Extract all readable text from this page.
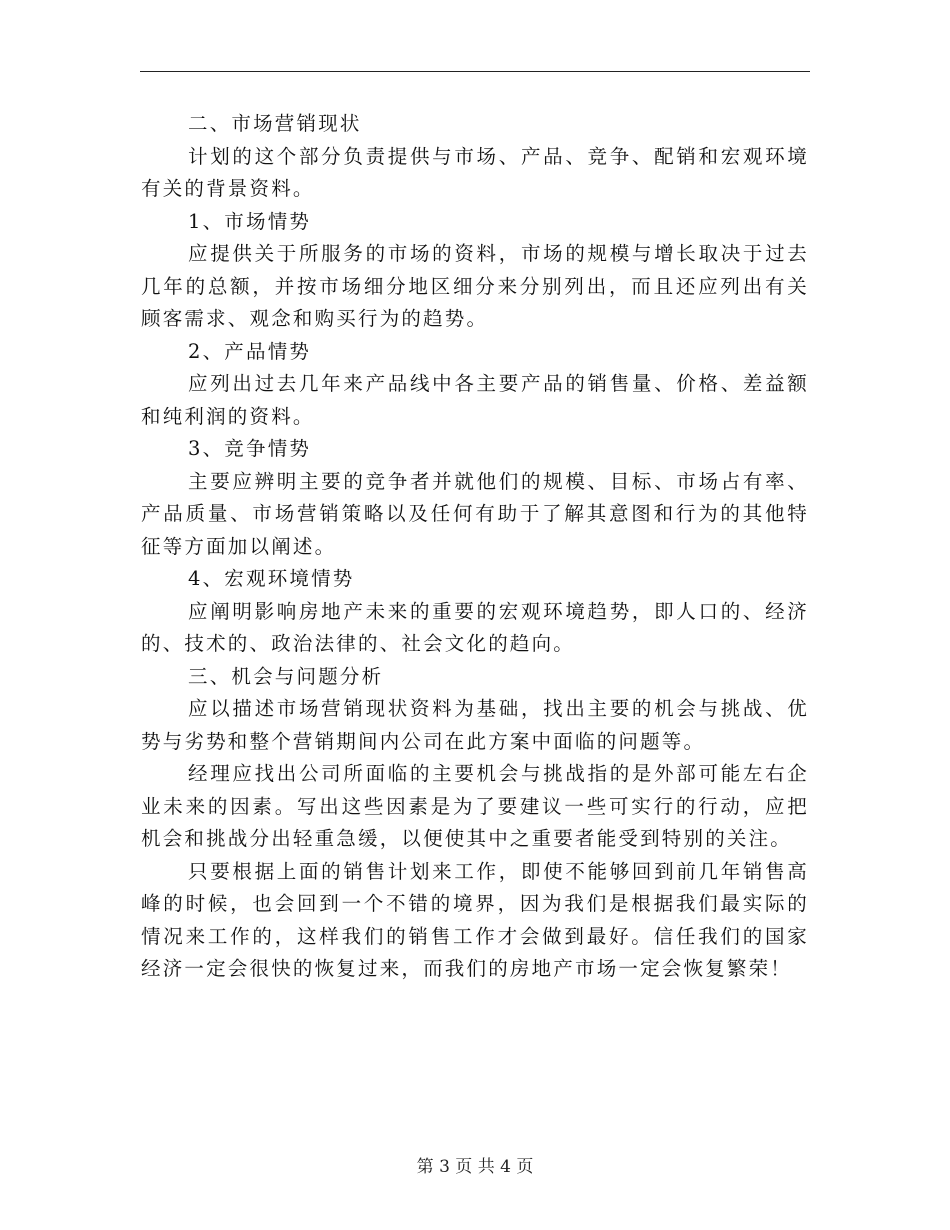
二、市场营销现状

计划的这个部分负责提供与市场、产品、竞争、配销和宏观环境有关的背景资料。

1、市场情势

应提供关于所服务的市场的资料，市场的规模与增长取决于过去几年的总额，并按市场细分地区细分来分别列出，而且还应列出有关顾客需求、观念和购买行为的趋势。

2、产品情势

应列出过去几年来产品线中各主要产品的销售量、价格、差益额和纯利润的资料。

3、竞争情势

主要应辨明主要的竞争者并就他们的规模、目标、市场占有率、产品质量、市场营销策略以及任何有助于了解其意图和行为的其他特征等方面加以阐述。

4、宏观环境情势

应阐明影响房地产未来的重要的宏观环境趋势，即人口的、经济的、技术的、政治法律的、社会文化的趋向。

三、机会与问题分析

应以描述市场营销现状资料为基础，找出主要的机会与挑战、优势与劣势和整个营销期间内公司在此方案中面临的问题等。

经理应找出公司所面临的主要机会与挑战指的是外部可能左右企业未来的因素。写出这些因素是为了要建议一些可实行的行动，应把机会和挑战分出轻重急缓，以便使其中之重要者能受到特别的关注。

只要根据上面的销售计划来工作，即使不能够回到前几年销售高峰的时候，也会回到一个不错的境界，因为我们是根据我们最实际的情况来工作的，这样我们的销售工作才会做到最好。信任我们的国家经济一定会很快的恢复过来，而我们的房地产市场一定会恢复繁荣！

第 3 页 共 4 页
